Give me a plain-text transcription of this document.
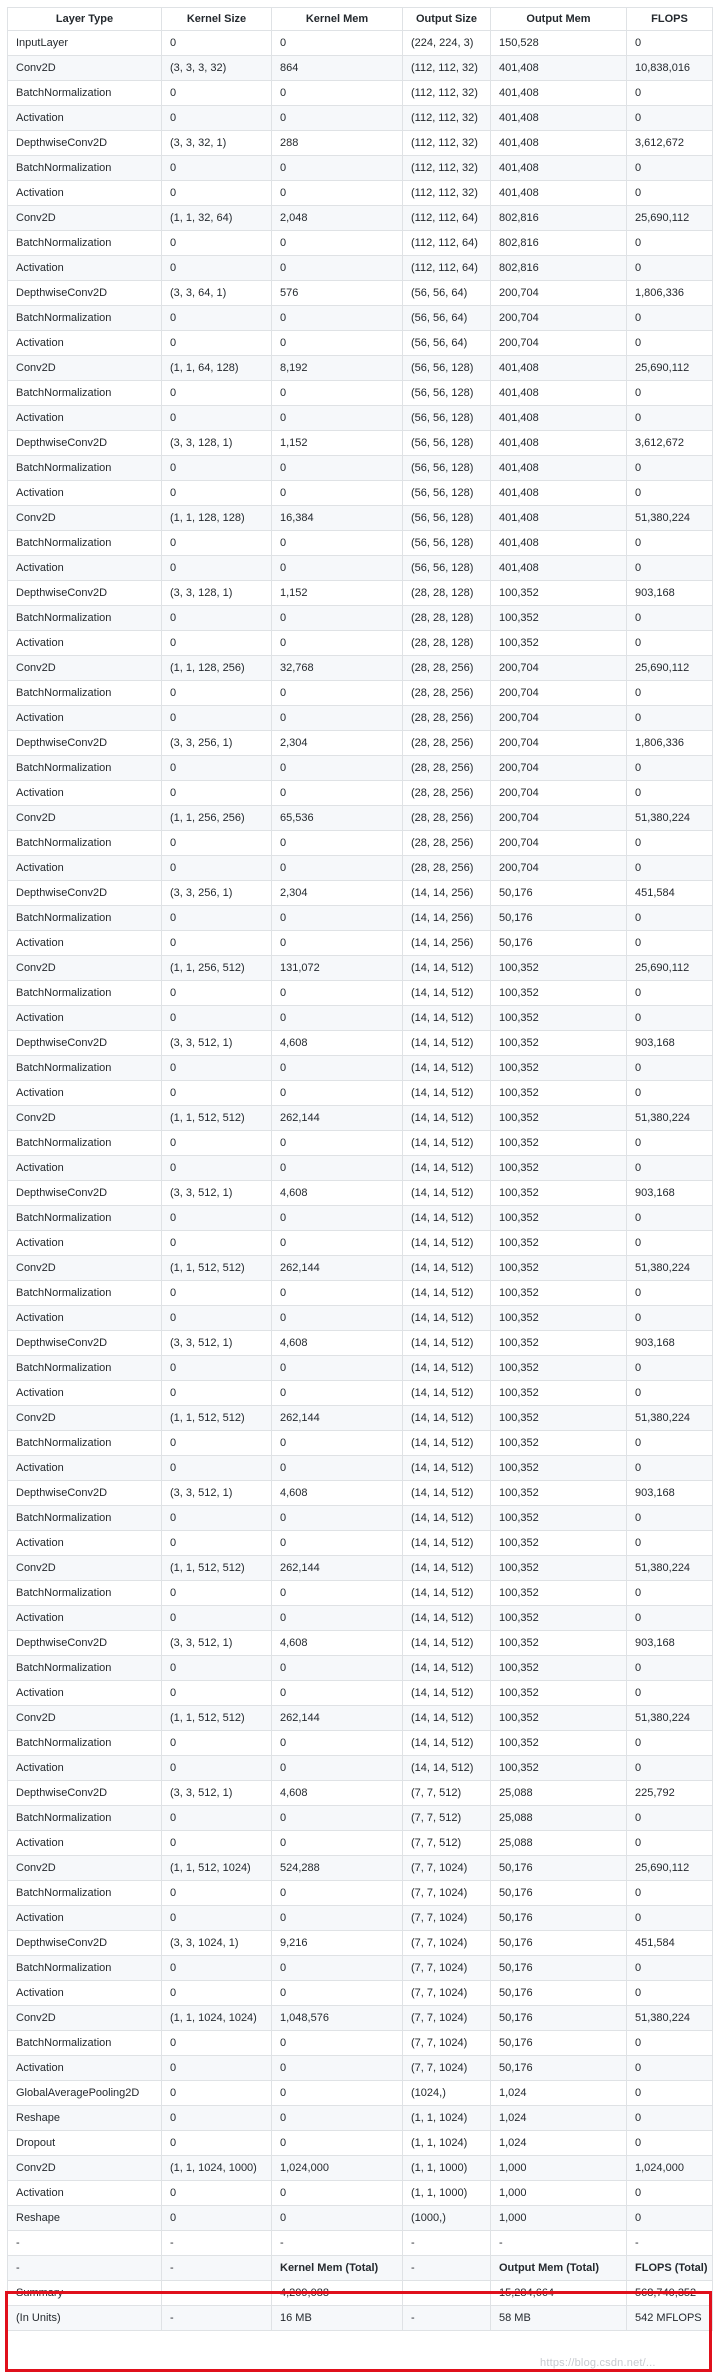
Layer Type	Kernel Size	Kernel Mem	Output Size	Output Mem	FLOPS
InputLayer	0	0	(224, 224, 3)	150,528	0
Conv2D	(3, 3, 3, 32)	864	(112, 112, 32)	401,408	10,838,016
BatchNormalization	0	0	(112, 112, 32)	401,408	0
Activation	0	0	(112, 112, 32)	401,408	0
DepthwiseConv2D	(3, 3, 32, 1)	288	(112, 112, 32)	401,408	3,612,672
BatchNormalization	0	0	(112, 112, 32)	401,408	0
Activation	0	0	(112, 112, 32)	401,408	0
Conv2D	(1, 1, 32, 64)	2,048	(112, 112, 64)	802,816	25,690,112
BatchNormalization	0	0	(112, 112, 64)	802,816	0
Activation	0	0	(112, 112, 64)	802,816	0
DepthwiseConv2D	(3, 3, 64, 1)	576	(56, 56, 64)	200,704	1,806,336
BatchNormalization	0	0	(56, 56, 64)	200,704	0
Activation	0	0	(56, 56, 64)	200,704	0
Conv2D	(1, 1, 64, 128)	8,192	(56, 56, 128)	401,408	25,690,112
BatchNormalization	0	0	(56, 56, 128)	401,408	0
Activation	0	0	(56, 56, 128)	401,408	0
DepthwiseConv2D	(3, 3, 128, 1)	1,152	(56, 56, 128)	401,408	3,612,672
BatchNormalization	0	0	(56, 56, 128)	401,408	0
Activation	0	0	(56, 56, 128)	401,408	0
Conv2D	(1, 1, 128, 128)	16,384	(56, 56, 128)	401,408	51,380,224
BatchNormalization	0	0	(56, 56, 128)	401,408	0
Activation	0	0	(56, 56, 128)	401,408	0
DepthwiseConv2D	(3, 3, 128, 1)	1,152	(28, 28, 128)	100,352	903,168
BatchNormalization	0	0	(28, 28, 128)	100,352	0
Activation	0	0	(28, 28, 128)	100,352	0
Conv2D	(1, 1, 128, 256)	32,768	(28, 28, 256)	200,704	25,690,112
BatchNormalization	0	0	(28, 28, 256)	200,704	0
Activation	0	0	(28, 28, 256)	200,704	0
DepthwiseConv2D	(3, 3, 256, 1)	2,304	(28, 28, 256)	200,704	1,806,336
BatchNormalization	0	0	(28, 28, 256)	200,704	0
Activation	0	0	(28, 28, 256)	200,704	0
Conv2D	(1, 1, 256, 256)	65,536	(28, 28, 256)	200,704	51,380,224
BatchNormalization	0	0	(28, 28, 256)	200,704	0
Activation	0	0	(28, 28, 256)	200,704	0
DepthwiseConv2D	(3, 3, 256, 1)	2,304	(14, 14, 256)	50,176	451,584
BatchNormalization	0	0	(14, 14, 256)	50,176	0
Activation	0	0	(14, 14, 256)	50,176	0
Conv2D	(1, 1, 256, 512)	131,072	(14, 14, 512)	100,352	25,690,112
BatchNormalization	0	0	(14, 14, 512)	100,352	0
Activation	0	0	(14, 14, 512)	100,352	0
DepthwiseConv2D	(3, 3, 512, 1)	4,608	(14, 14, 512)	100,352	903,168
BatchNormalization	0	0	(14, 14, 512)	100,352	0
Activation	0	0	(14, 14, 512)	100,352	0
Conv2D	(1, 1, 512, 512)	262,144	(14, 14, 512)	100,352	51,380,224
BatchNormalization	0	0	(14, 14, 512)	100,352	0
Activation	0	0	(14, 14, 512)	100,352	0
DepthwiseConv2D	(3, 3, 512, 1)	4,608	(14, 14, 512)	100,352	903,168
BatchNormalization	0	0	(14, 14, 512)	100,352	0
Activation	0	0	(14, 14, 512)	100,352	0
Conv2D	(1, 1, 512, 512)	262,144	(14, 14, 512)	100,352	51,380,224
BatchNormalization	0	0	(14, 14, 512)	100,352	0
Activation	0	0	(14, 14, 512)	100,352	0
DepthwiseConv2D	(3, 3, 512, 1)	4,608	(14, 14, 512)	100,352	903,168
BatchNormalization	0	0	(14, 14, 512)	100,352	0
Activation	0	0	(14, 14, 512)	100,352	0
Conv2D	(1, 1, 512, 512)	262,144	(14, 14, 512)	100,352	51,380,224
BatchNormalization	0	0	(14, 14, 512)	100,352	0
Activation	0	0	(14, 14, 512)	100,352	0
DepthwiseConv2D	(3, 3, 512, 1)	4,608	(14, 14, 512)	100,352	903,168
BatchNormalization	0	0	(14, 14, 512)	100,352	0
Activation	0	0	(14, 14, 512)	100,352	0
Conv2D	(1, 1, 512, 512)	262,144	(14, 14, 512)	100,352	51,380,224
BatchNormalization	0	0	(14, 14, 512)	100,352	0
Activation	0	0	(14, 14, 512)	100,352	0
DepthwiseConv2D	(3, 3, 512, 1)	4,608	(14, 14, 512)	100,352	903,168
BatchNormalization	0	0	(14, 14, 512)	100,352	0
Activation	0	0	(14, 14, 512)	100,352	0
Conv2D	(1, 1, 512, 512)	262,144	(14, 14, 512)	100,352	51,380,224
BatchNormalization	0	0	(14, 14, 512)	100,352	0
Activation	0	0	(14, 14, 512)	100,352	0
DepthwiseConv2D	(3, 3, 512, 1)	4,608	(7, 7, 512)	25,088	225,792
BatchNormalization	0	0	(7, 7, 512)	25,088	0
Activation	0	0	(7, 7, 512)	25,088	0
Conv2D	(1, 1, 512, 1024)	524,288	(7, 7, 1024)	50,176	25,690,112
BatchNormalization	0	0	(7, 7, 1024)	50,176	0
Activation	0	0	(7, 7, 1024)	50,176	0
DepthwiseConv2D	(3, 3, 1024, 1)	9,216	(7, 7, 1024)	50,176	451,584
BatchNormalization	0	0	(7, 7, 1024)	50,176	0
Activation	0	0	(7, 7, 1024)	50,176	0
Conv2D	(1, 1, 1024, 1024)	1,048,576	(7, 7, 1024)	50,176	51,380,224
BatchNormalization	0	0	(7, 7, 1024)	50,176	0
Activation	0	0	(7, 7, 1024)	50,176	0
GlobalAveragePooling2D	0	0	(1024,)	1,024	0
Reshape	0	0	(1, 1, 1024)	1,024	0
Dropout	0	0	(1, 1, 1024)	1,024	0
Conv2D	(1, 1, 1024, 1000)	1,024,000	(1, 1, 1000)	1,000	1,024,000
Activation	0	0	(1, 1, 1000)	1,000	0
Reshape	0	0	(1000,)	1,000	0
-	-	-	-	-	-
-	-	Kernel Mem (Total)	-	Output Mem (Total)	FLOPS (Total)
Summary	-	4,209,088	-	15,284,664	568,740,352
(In Units)	-	16 MB	-	58 MB	542 MFLOPS
https://blog.csdn.net/...
